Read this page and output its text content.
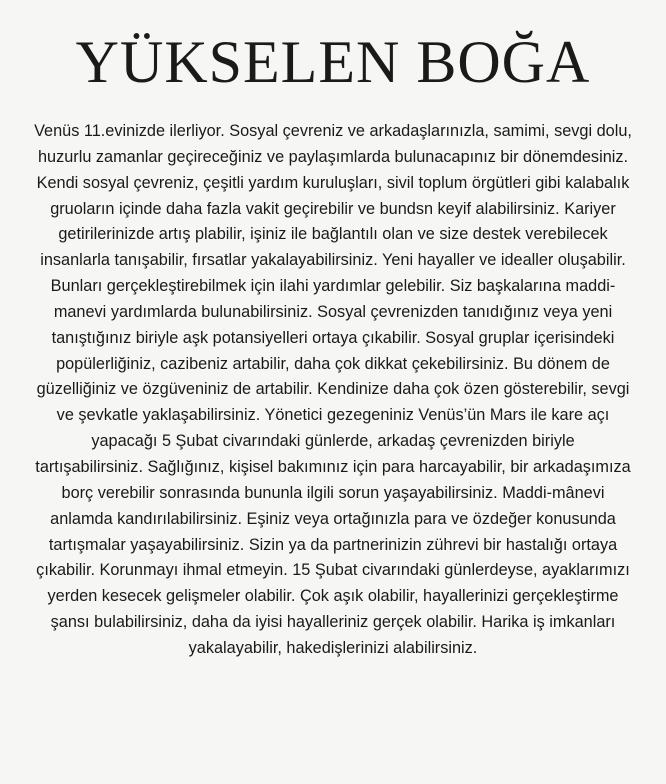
YÜKSELEN BOĞA
Venüs 11.evinizde ilerliyor. Sosyal çevreniz ve arkadaşlarınızla, samimi, sevgi dolu,
huzurlu zamanlar geçireceğiniz ve paylaşımlarda bulunacapınız bir dönemdesiniz.
Kendi sosyal çevreniz, çeşitli yardım kuruluşları, sivil toplum örgütleri gibi kalabalık
gruoların içinde daha fazla vakit geçirebilir ve bundsn keyif alabilirsiniz. Kariyer
getirilerinizde artış plabilir, işiniz ile bağlantılı olan ve size destek verebilecek
insanlarla tanışabilir, fırsatlar yakalayabilirsiniz. Yeni hayaller ve idealler oluşabilir.
Bunları gerçekleştirebilmek için ilahi yardımlar gelebilir. Siz başkalarına maddi-
manevi yardımlarda bulunabilirsiniz. Sosyal çevrenizden tanıdığınız veya yeni
tanıştığınız biriyle aşk potansiyelleri ortaya çıkabilir. Sosyal gruplar içerisindeki
popülerliğiniz, cazibeniz artabilir, daha çok dikkat çekebilirsiniz. Bu dönem de
güzelliğiniz ve özgüveniniz de artabilir. Kendinize daha çok özen gösterebilir, sevgi
ve şevkatle yaklaşabilirsiniz. Yönetici gezegeniniz Venüs’ün Mars ile kare açı
yapacağı 5 Şubat civarındaki günlerde, arkadaş çevrenizden biriyle
tartışabilirsiniz. Sağlığınız, kişisel bakımınız için para harcayabilir, bir arkadaşımıza
borç verebilir sonrasında bununla ilgili sorun yaşayabilirsiniz. Maddi-mânevi
anlamda kandırılabilirsiniz. Eşiniz veya ortağınızla para ve özdeğer konusunda
tartışmalar yaşayabilirsiniz. Sizin ya da partnerinizin zührevi bir hastalığı ortaya
çıkabilir. Korunmayı ihmal etmeyin. 15 Şubat civarındaki günlerdeyse, ayaklarımızı
yerden kesecek gelişmeler olabilir. Çok aşık olabilir, hayallerinizi gerçekleştirme
şansı bulabilirsiniz, daha da iyisi hayalleriniz gerçek olabilir. Harika iş imkanları
yakalayabilir, hakedişlerinizi alabilirsiniz.
